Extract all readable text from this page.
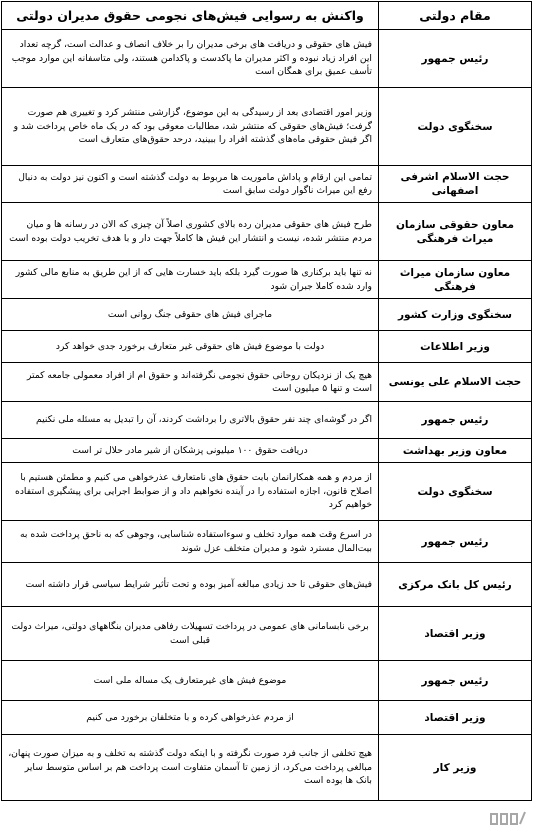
مقام دولتی	واکنش به رسوایی فیش‌های نجومی حقوق مدیران دولتی
رئیس جمهور	فیش های حقوقی و دریافت های برخی مدیران را بر خلاف انصاف و عدالت است، گرچه تعداد این افراد زیاد نبوده و اکثر مدیران ما پاکدست و پاکدامن هستند، ولی متاسفانه این موارد موجب تأسف عمیق برای همگان است
سخنگوی دولت	وزیر امور اقتصادی بعد از رسیدگی به این موضوع، گزارشی منتشر کرد و تغییری هم صورت گرفت؛ فیش‌های حقوقی که منتشر شد، مطالبات معوقی بود که در یک ماه خاص پرداخت شد و اگر فیش حقوقی ماه‌های گذشته افراد را ببینید، درحد حقوق‌های متعارف است
حجت الاسلام اشرفی اصفهانی	تمامی این ارقام و پاداش ماموریت ها مربوط به دولت گذشته است و اکنون نیز دولت به دنبال رفع این میراث ناگوار دولت سابق است
معاون حقوقی سازمان میراث فرهنگی	طرح فیش های حقوقی مدیران رده بالای کشوری اصلاً آن چیزی که الان در رسانه ها و میان مردم منتشر شده، نیست و انتشار این فیش ها کاملاً جهت دار و با هدف تخریب دولت بوده است
معاون سازمان میراث فرهنگی	نه تنها باید برکناری ها صورت گیرد بلکه باید خسارت هایی که از این طریق به منابع مالی کشور وارد شده کاملا جبران شود
سخنگوی وزارت کشور	ماجرای فیش های حقوقی جنگ روانی است
وزیر اطلاعات	دولت با موضوع فیش های حقوقی غیر متعارف برخورد جدی خواهد کرد
حجت الاسلام علی یونسی	هیچ یک از نزدیکان روحانی حقوق نجومی نگرفته‌اند و حقوق ام از افراد معمولی جامعه کمتر است و تنها ۵ میلیون است
رئیس جمهور	اگر در گوشه‌ای چند نفر حقوق بالاتری را برداشت کردند، آن را تبدیل به مسئله ملی نکنیم
معاون وزیر بهداشت	دریافت حقوق ۱۰۰ میلیونی پزشکان از شیر مادر حلال تر است
سخنگوی دولت	از مردم و همه همکارانمان بابت حقوق های نامتعارف عذرخواهی می کنیم و مطمئن هستیم با اصلاح قانون، اجازه استفاده را در آینده نخواهیم داد و از ضوابط اجرایی برای پیشگیری استفاده خواهیم کرد
رئیس جمهور	در اسرع وقت همه موارد تخلف و سوءاستفاده شناسایی، وجوهی که به ناحق پرداخت شده به بیت‌المال مسترد شود و مدیران متخلف عزل شوند
رئیس کل بانک مرکزی	فیش‌های حقوقی تا حد زیادی مبالغه آمیز بوده و تحت تأثیر شرایط سیاسی قرار داشته است
وزیر اقتصاد	برخی نابسامانی های عمومی در پرداخت تسهیلات رفاهی مدیران بنگاههای دولتی، میراث دولت قبلی است
رئیس جمهور	موضوع فیش های غیرمتعارف یک مساله ملی است
وزیر اقتصاد	از مردم عذرخواهی کرده و با متخلفان برخورد می کنیم
وزیر کار	هیچ تخلفی از جانب فرد صورت نگرفته و با اینکه دولت گذشته به تخلف و به میزان صورت پنهان، مبالغی پرداخت می‌کرد، از زمین تا آسمان متفاوت است پرداخت هم بر اساس متوسط سایر بانک ها بوده است
